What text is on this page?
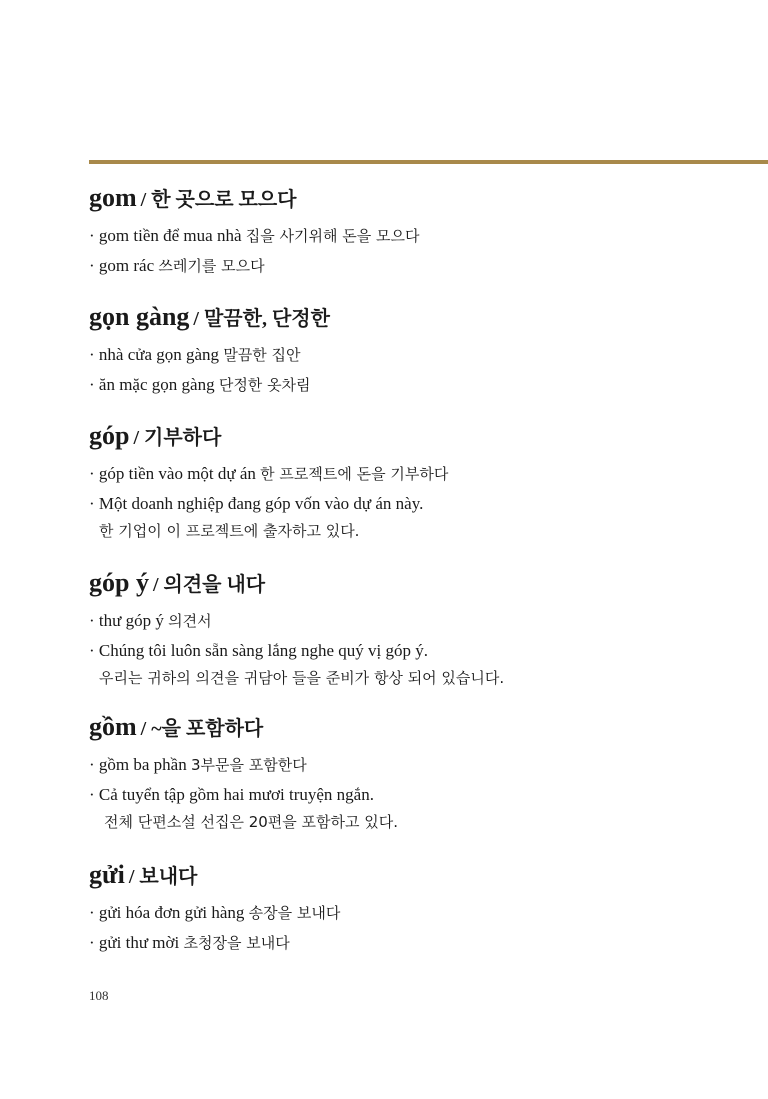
gom / 한 곳으로 모으다

· gom tiền để mua nhà 집을 사기위해 돈을 모으다
· gom rác 쓰레기를 모으다

gọn gàng / 말끔한, 단정한

· nhà cửa gọn gàng 말끔한 집안
· ăn mặc gọn gàng 단정한 옷차림

góp / 기부하다

· góp tiền vào một dự án 한 프로젝트에 돈을 기부하다
· Một doanh nghiệp đang góp vốn vào dự án này.
한 기업이 이 프로젝트에 출자하고 있다.

góp ý / 의견을 내다

· thư góp ý 의견서
· Chúng tôi luôn sẵn sàng lắng nghe quý vị góp ý.
우리는 귀하의 의견을 귀담아 들을 준비가 항상 되어 있습니다.

gồm / ~을 포함하다

· gồm ba phần 3부문을 포함한다
· Cả tuyển tập gồm hai mươi truyện ngắn.
전체 단편소설 선집은 20편을 포함하고 있다.

gửi / 보내다

· gửi hóa đơn gửi hàng 송장을 보내다
· gửi thư mời 초청장을 보내다
108
